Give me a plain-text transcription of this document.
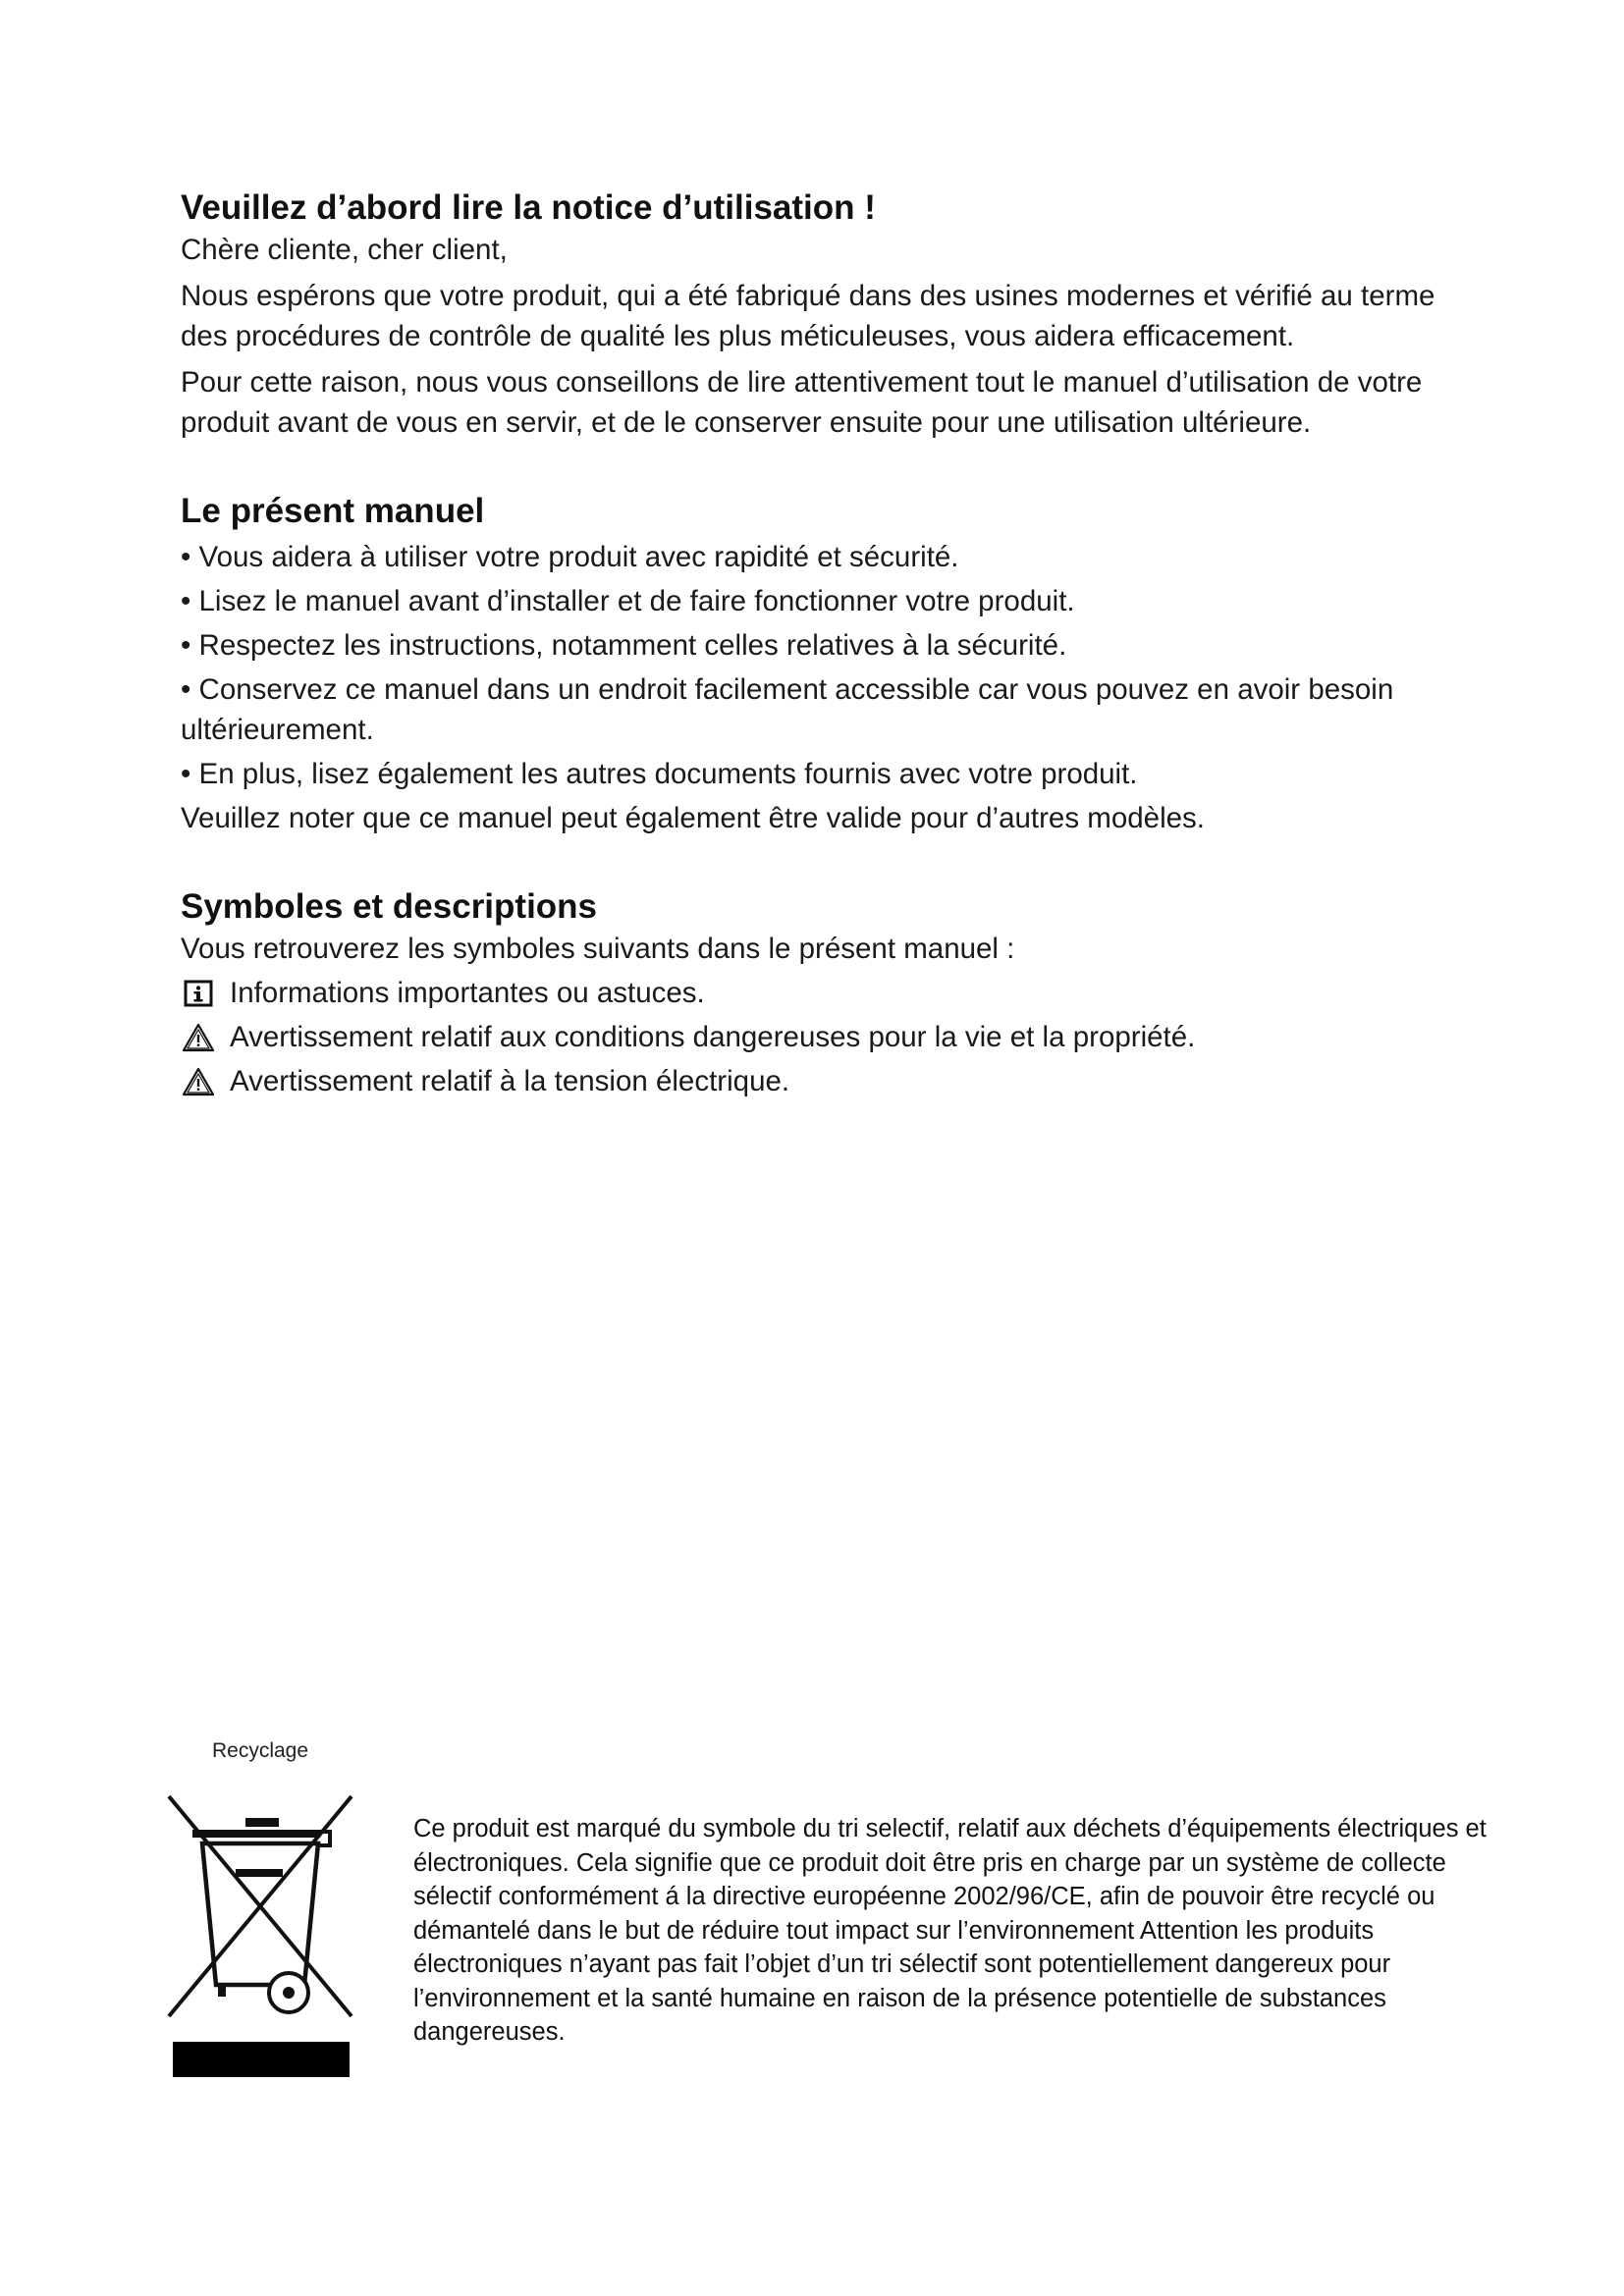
Veuillez d’abord lire la notice d’utilisation !

Chère cliente, cher client,

Nous espérons que votre produit, qui a été fabriqué dans des usines modernes et vérifié au terme des procédures de contrôle de qualité les plus méticuleuses, vous aidera efficacement.

Pour cette raison, nous vous conseillons de lire attentivement tout le manuel d’utilisation de votre produit avant de vous en servir, et de le conserver ensuite pour une utilisation ultérieure.

Le présent manuel

• Vous aidera à utiliser votre produit avec rapidité et sécurité.

• Lisez le manuel avant d’installer et de faire fonctionner votre produit.

• Respectez les instructions, notamment celles relatives à la sécurité.

• Conservez ce manuel dans un endroit facilement accessible car vous pouvez en avoir besoin ultérieurement.

• En plus, lisez également les autres documents fournis avec votre produit.

Veuillez noter que ce manuel peut également être valide pour d’autres modèles.

Symboles et descriptions

Vous retrouverez les symboles suivants dans le présent manuel :

Informations importantes ou astuces.

Avertissement relatif aux conditions dangereuses pour la vie et la propriété.

Avertissement relatif à la tension électrique.

Recyclage

Ce produit est marqué du symbole du tri selectif, relatif aux déchets d’équipements électriques et électroniques. Cela signifie que ce produit doit être pris en charge par un système de collecte sélectif conformément á la directive européenne 2002/96/CE, afin de pouvoir être recyclé ou démantelé dans le but de réduire tout impact sur l’environnement Attention les produits électroniques n’ayant pas fait l’objet d’un tri sélectif sont potentiellement dangereux pour l’environnement et la santé humaine en raison de la présence potentielle de substances dangereuses.
